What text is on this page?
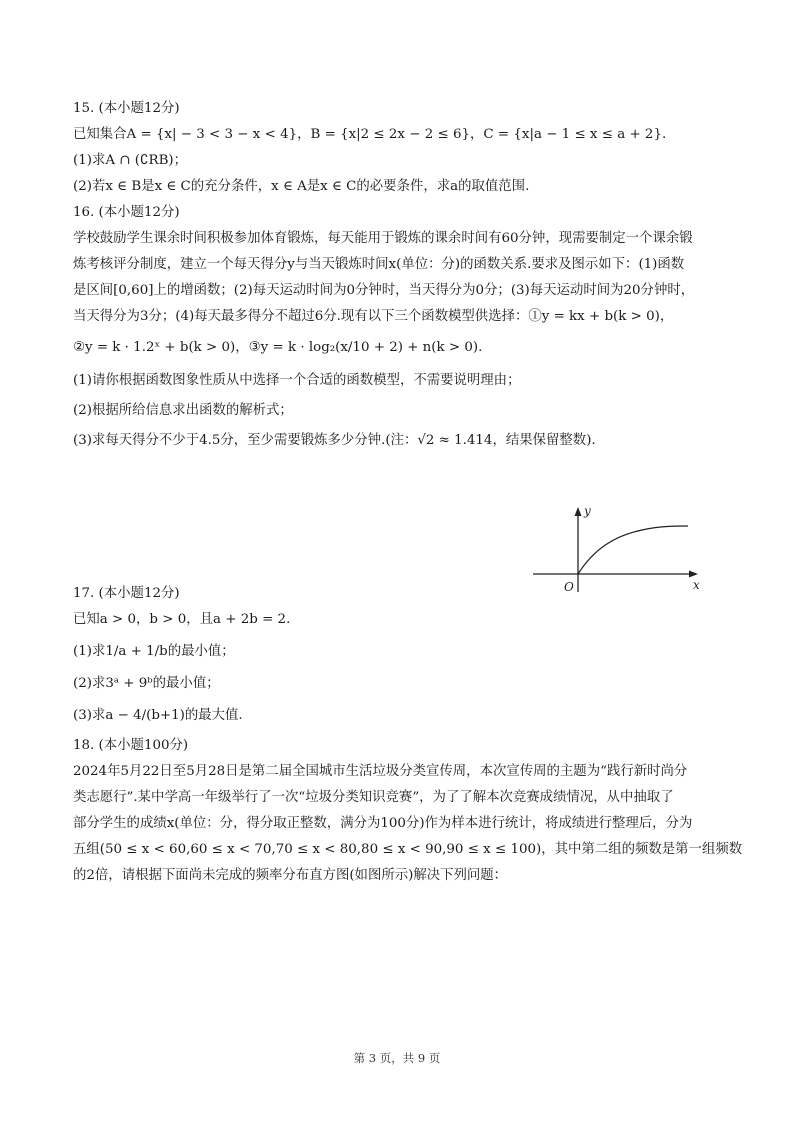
15. (本小题12分)

已知集合A = {x| − 3 < 3 − x < 4}，B = {x|2 ≤ 2x − 2 ≤ 6}，C = {x|a − 1 ≤ x ≤ a + 2}.

(1)求A ∩ (∁RB)；

(2)若x ∈ B是x ∈ C的充分条件，x ∈ A是x ∈ C的必要条件，求a的取值范围.

16. (本小题12分)

学校鼓励学生课余时间积极参加体育锻炼，每天能用于锻炼的课余时间有60分钟，现需要制定一个课余锻

炼考核评分制度，建立一个每天得分y与当天锻炼时间x(单位：分)的函数关系.要求及图示如下：(1)函数

是区间[0,60]上的增函数；(2)每天运动时间为0分钟时，当天得分为0分；(3)每天运动时间为20分钟时，

当天得分为3分；(4)每天最多得分不超过6分.现有以下三个函数模型供选择：①y = kx + b(k > 0)，

②y = k · 1.2ˣ + b(k > 0)，③y = k · log₂(x/10 + 2) + n(k > 0).

(1)请你根据函数图象性质从中选择一个合适的函数模型，不需要说明理由；

(2)根据所给信息求出函数的解析式；

(3)求每天得分不少于4.5分，至少需要锻炼多少分钟.(注：√2 ≈ 1.414，结果保留整数).

17. (本小题12分)

已知a > 0，b > 0，且a + 2b = 2.

(1)求1/a + 1/b的最小值；

(2)求3ᵃ + 9ᵇ的最小值；

(3)求a − 4/(b+1)的最大值.

18. (本小题100分)

2024年5月22日至5月28日是第二届全国城市生活垃圾分类宣传周，本次宣传周的主题为“践行新时尚分

类志愿行”.某中学高一年级举行了一次“垃圾分类知识竞赛”，为了了解本次竞赛成绩情况，从中抽取了

部分学生的成绩x(单位：分，得分取正整数，满分为100分)作为样本进行统计，将成绩进行整理后，分为

五组(50 ≤ x < 60,60 ≤ x < 70,70 ≤ x < 80,80 ≤ x < 90,90 ≤ x ≤ 100)，其中第二组的频数是第一组频数

的2倍，请根据下面尚未完成的频率分布直方图(如图所示)解决下列问题：

y
x
O
第 3 页，共 9 页
